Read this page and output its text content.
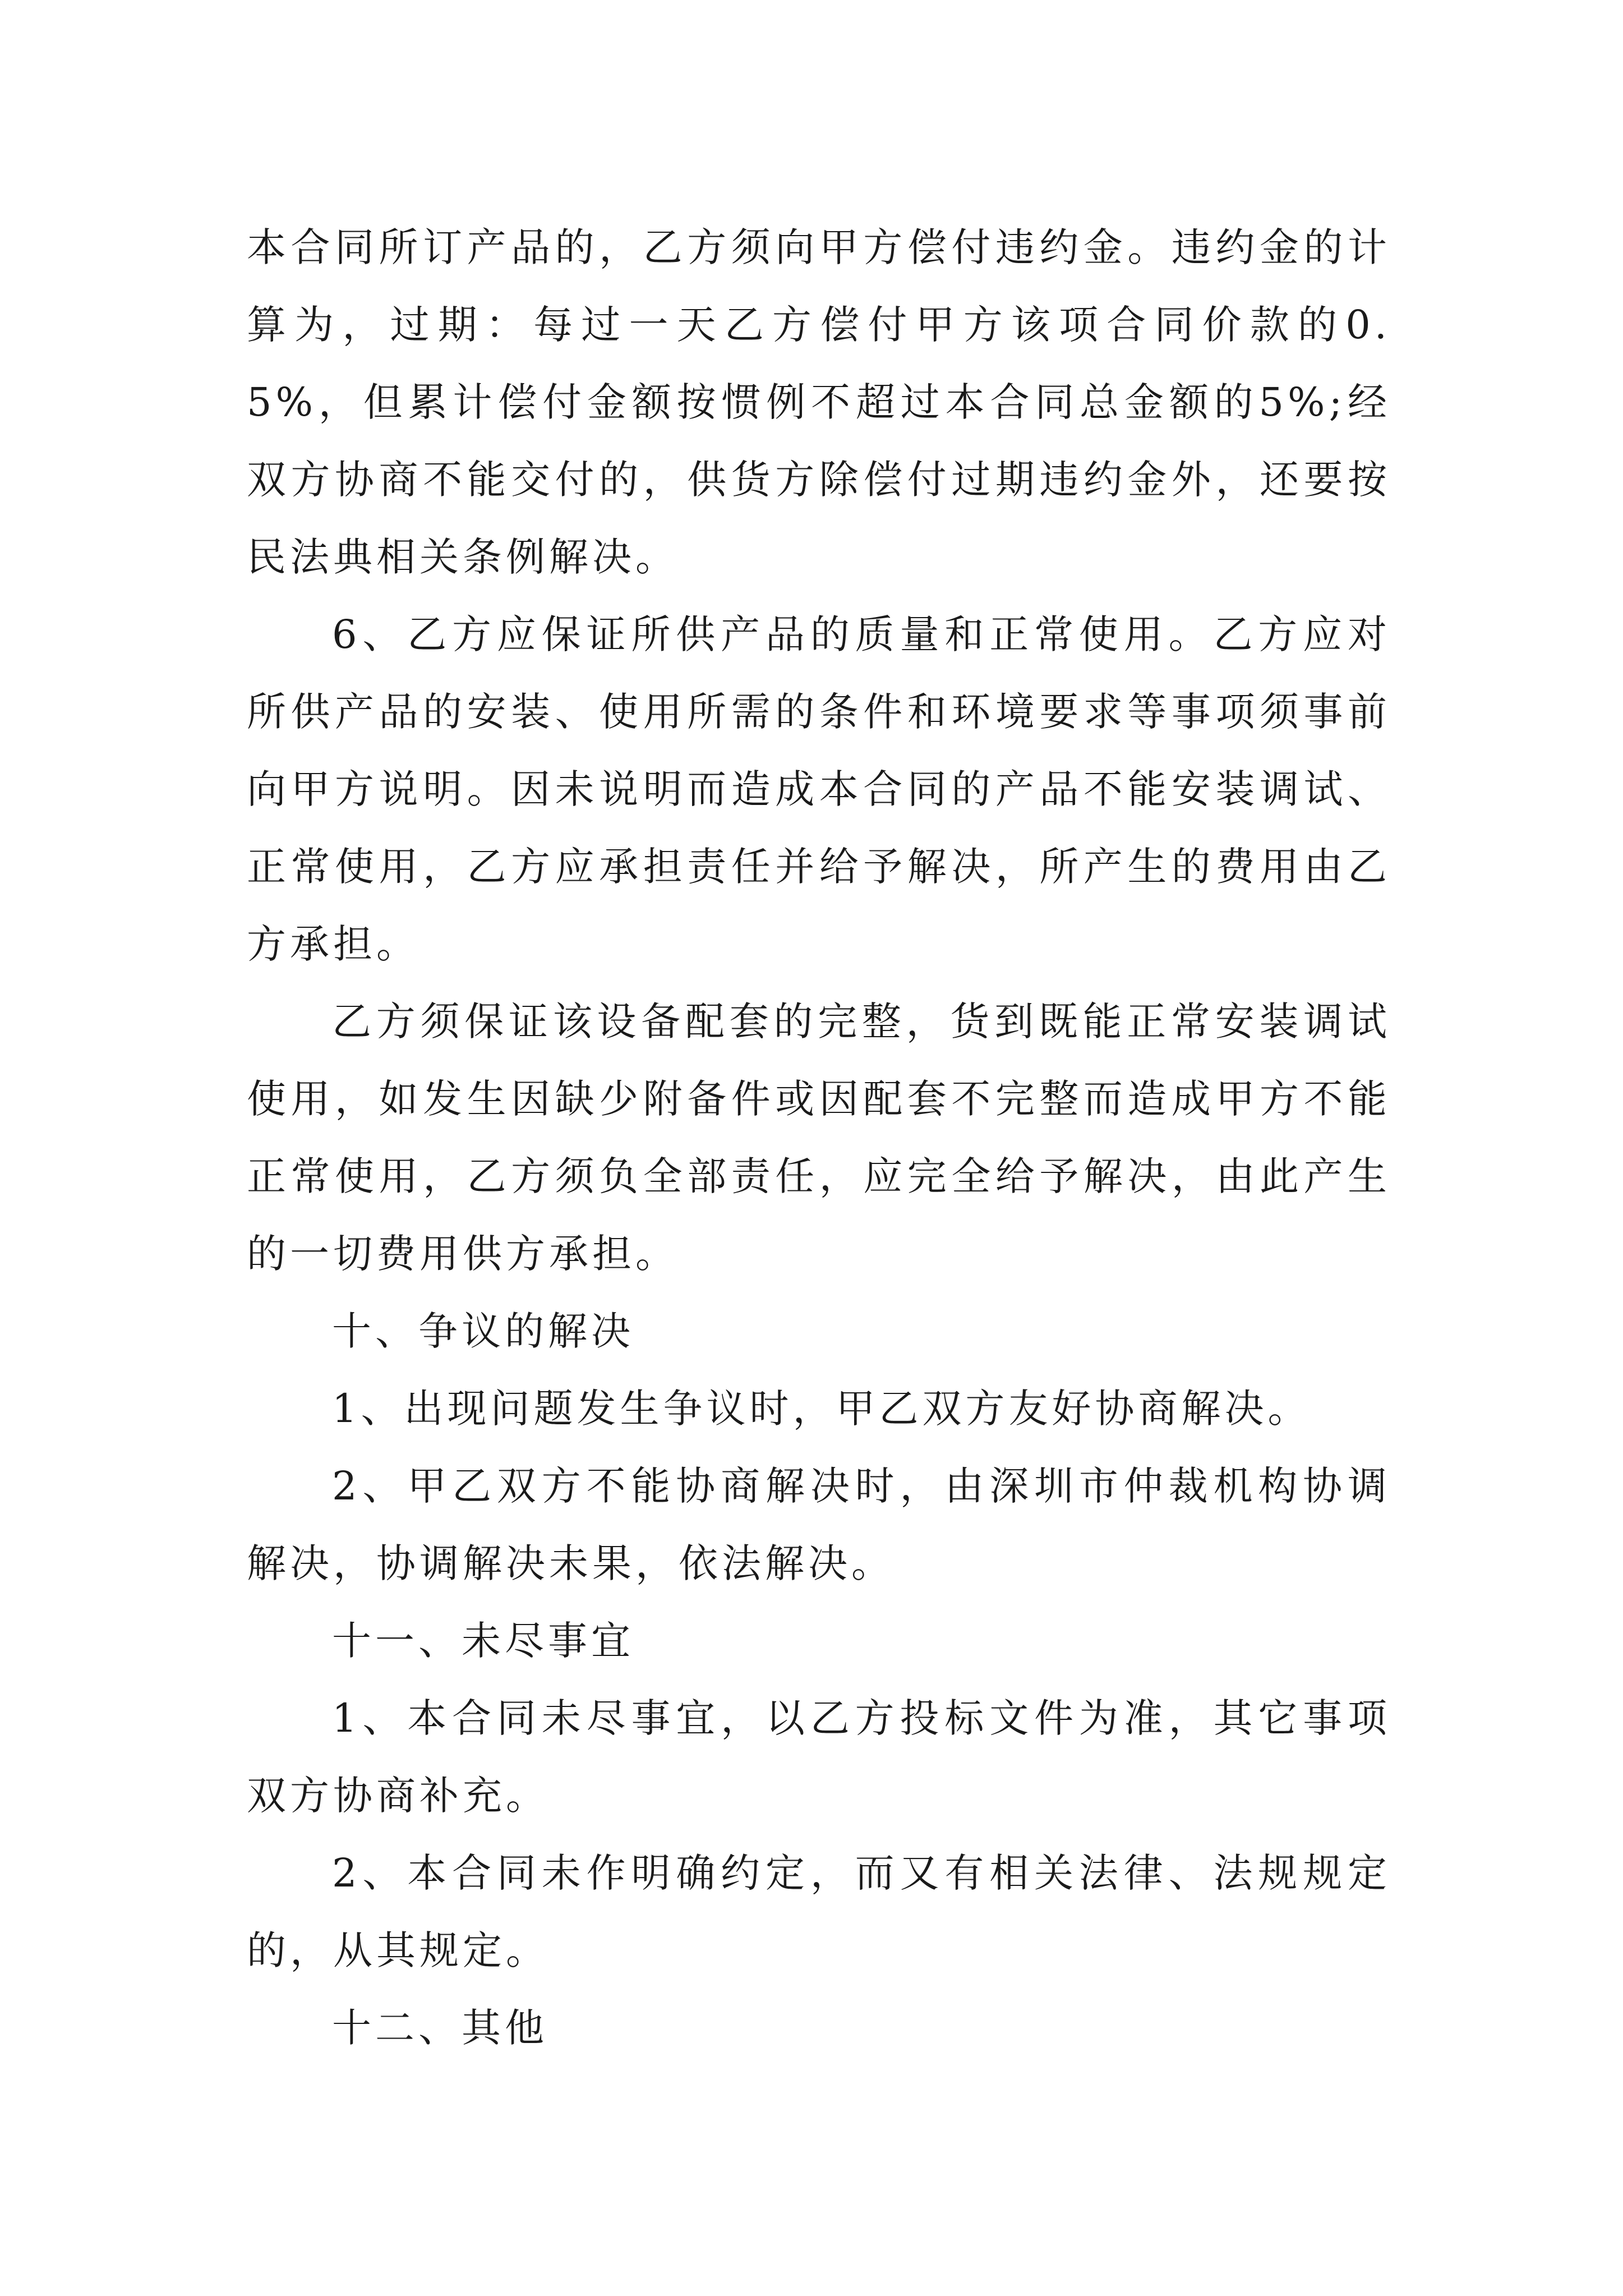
本合同所订产品的，乙方须向甲方偿付违约金。违约金的计算为，过期：每过一天乙方偿付甲方该项合同价款的0.5%，但累计偿付金额按惯例不超过本合同总金额的5%;经双方协商不能交付的，供货方除偿付过期违约金外，还要按民法典相关条例解决。

6、乙方应保证所供产品的质量和正常使用。乙方应对所供产品的安装、使用所需的条件和环境要求等事项须事前向甲方说明。因未说明而造成本合同的产品不能安装调试、正常使用，乙方应承担责任并给予解决，所产生的费用由乙方承担。

乙方须保证该设备配套的完整，货到既能正常安装调试使用，如发生因缺少附备件或因配套不完整而造成甲方不能正常使用，乙方须负全部责任，应完全给予解决，由此产生的一切费用供方承担。

十、争议的解决

1、出现问题发生争议时，甲乙双方友好协商解决。

2、甲乙双方不能协商解决时，由深圳市仲裁机构协调解决，协调解决未果，依法解决。

十一、未尽事宜

1、本合同未尽事宜，以乙方投标文件为准，其它事项双方协商补充。

2、本合同未作明确约定，而又有相关法律、法规规定的，从其规定。

十二、其他
